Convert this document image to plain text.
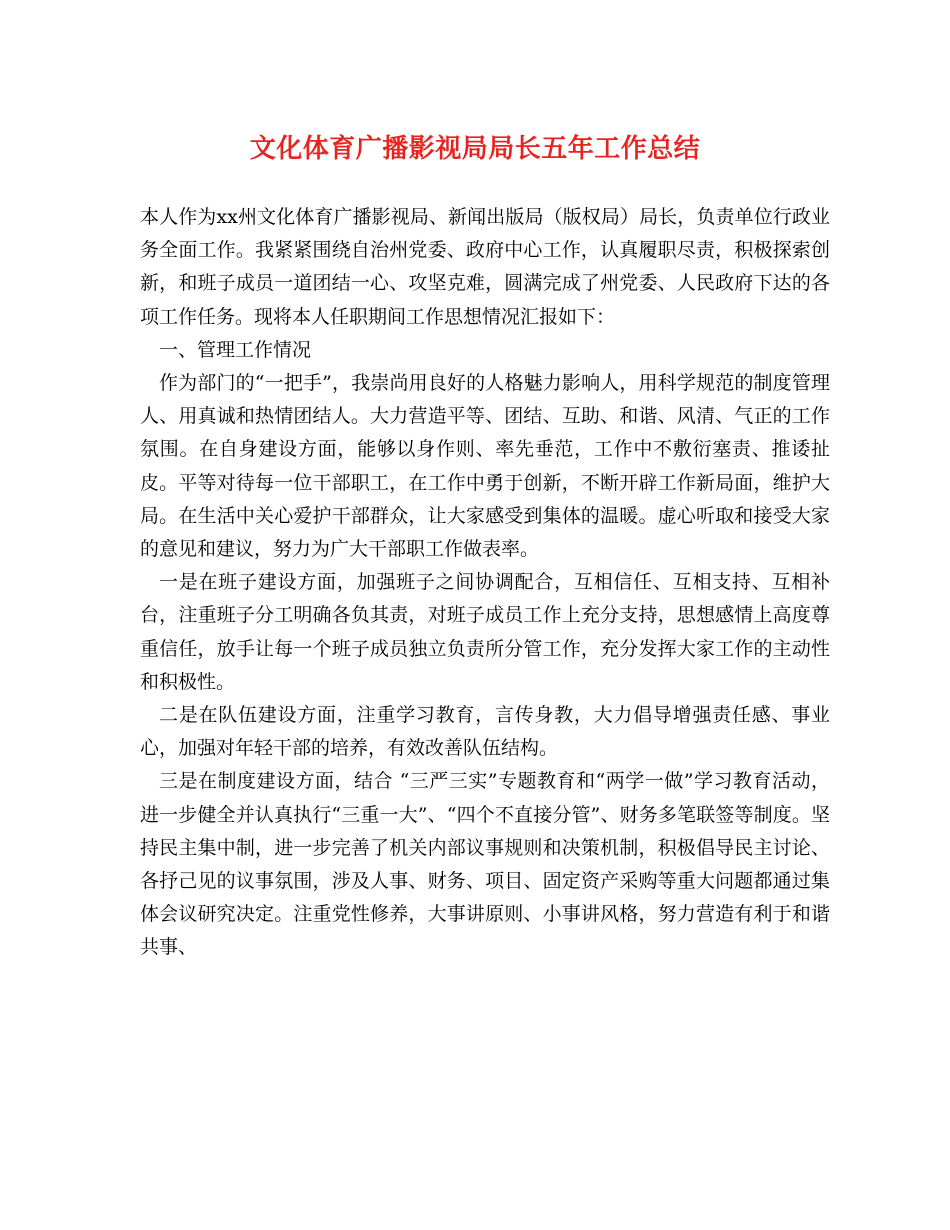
文化体育广播影视局局长五年工作总结

本人作为xx州文化体育广播影视局、新闻出版局（版权局）局长，负责单位行政业务全面工作。我紧紧围绕自治州党委、政府中心工作，认真履职尽责，积极探索创新，和班子成员一道团结一心、攻坚克难，圆满完成了州党委、人民政府下达的各项工作任务。现将本人任职期间工作思想情况汇报如下：

一、管理工作情况

作为部门的“一把手”，我崇尚用良好的人格魅力影响人，用科学规范的制度管理人、用真诚和热情团结人。大力营造平等、团结、互助、和谐、风清、气正的工作氛围。在自身建设方面，能够以身作则、率先垂范，工作中不敷衍塞责、推诿扯皮。平等对待每一位干部职工，在工作中勇于创新，不断开辟工作新局面，维护大局。在生活中关心爱护干部群众，让大家感受到集体的温暖。虚心听取和接受大家的意见和建议，努力为广大干部职工作做表率。

一是在班子建设方面，加强班子之间协调配合，互相信任、互相支持、互相补台，注重班子分工明确各负其责，对班子成员工作上充分支持，思想感情上高度尊重信任，放手让每一个班子成员独立负责所分管工作，充分发挥大家工作的主动性和积极性。

二是在队伍建设方面，注重学习教育，言传身教，大力倡导增强责任感、事业心，加强对年轻干部的培养，有效改善队伍结构。

三是在制度建设方面，结合 “三严三实”专题教育和“两学一做”学习教育活动，进一步健全并认真执行“三重一大”、“四个不直接分管”、财务多笔联签等制度。坚持民主集中制，进一步完善了机关内部议事规则和决策机制，积极倡导民主讨论、各抒己见的议事氛围，涉及人事、财务、项目、固定资产采购等重大问题都通过集体会议研究决定。注重党性修养，大事讲原则、小事讲风格，努力营造有利于和谐共事、
